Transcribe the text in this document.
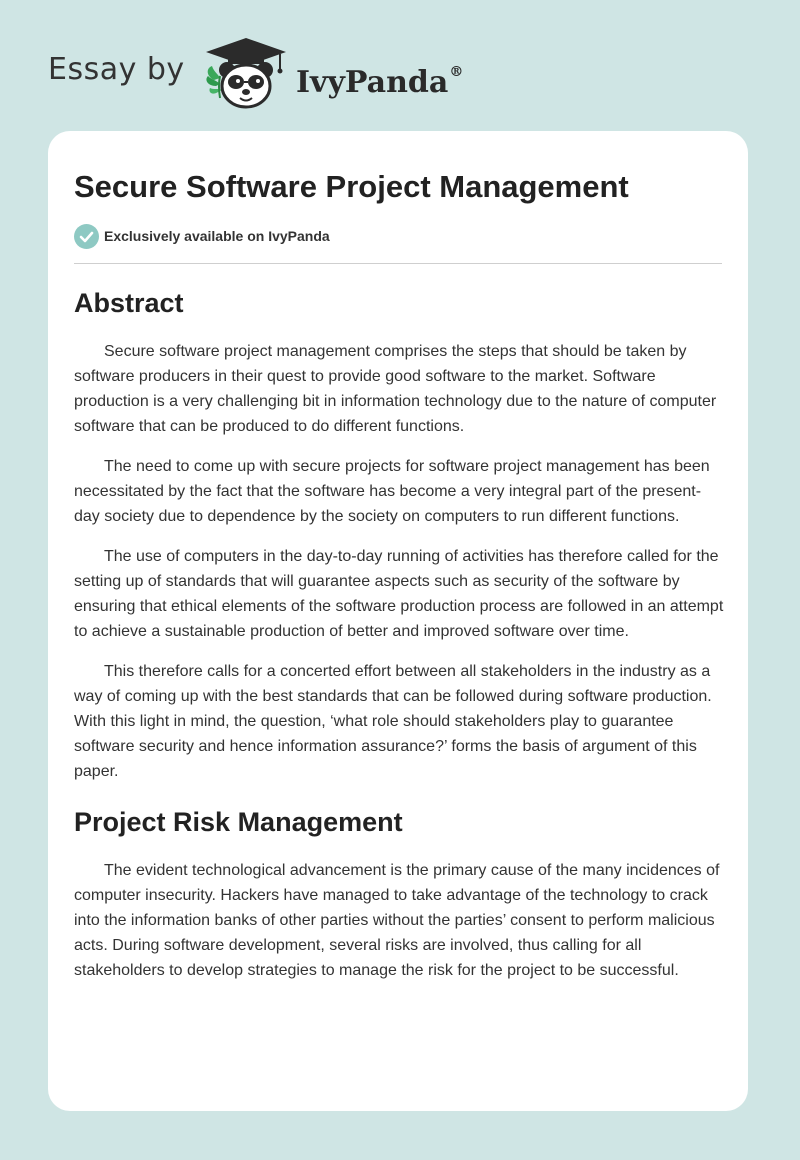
Essay by	IvyPanda®
Secure Software Project Management
Exclusively available on IvyPanda
Abstract

Secure software project management comprises the steps that should be taken by software producers in their quest to provide good software to the market. Software production is a very challenging bit in information technology due to the nature of computer software that can be produced to do different functions.

The need to come up with secure projects for software project management has been necessitated by the fact that the software has become a very integral part of the present-day society due to dependence by the society on computers to run different functions.

The use of computers in the day-to-day running of activities has therefore called for the setting up of standards that will guarantee aspects such as security of the software by ensuring that ethical elements of the software production process are followed in an attempt to achieve a sustainable production of better and improved software over time.

This therefore calls for a concerted effort between all stakeholders in the industry as a way of coming up with the best standards that can be followed during software production. With this light in mind, the question, ‘what role should stakeholders play to guarantee software security and hence information assurance?’ forms the basis of argument of this paper.

Project Risk Management

The evident technological advancement is the primary cause of the many incidences of computer insecurity. Hackers have managed to take advantage of the technology to crack into the information banks of other parties without the parties’ consent to perform malicious acts. During software development, several risks are involved, thus calling for all stakeholders to develop strategies to manage the risk for the project to be successful.
